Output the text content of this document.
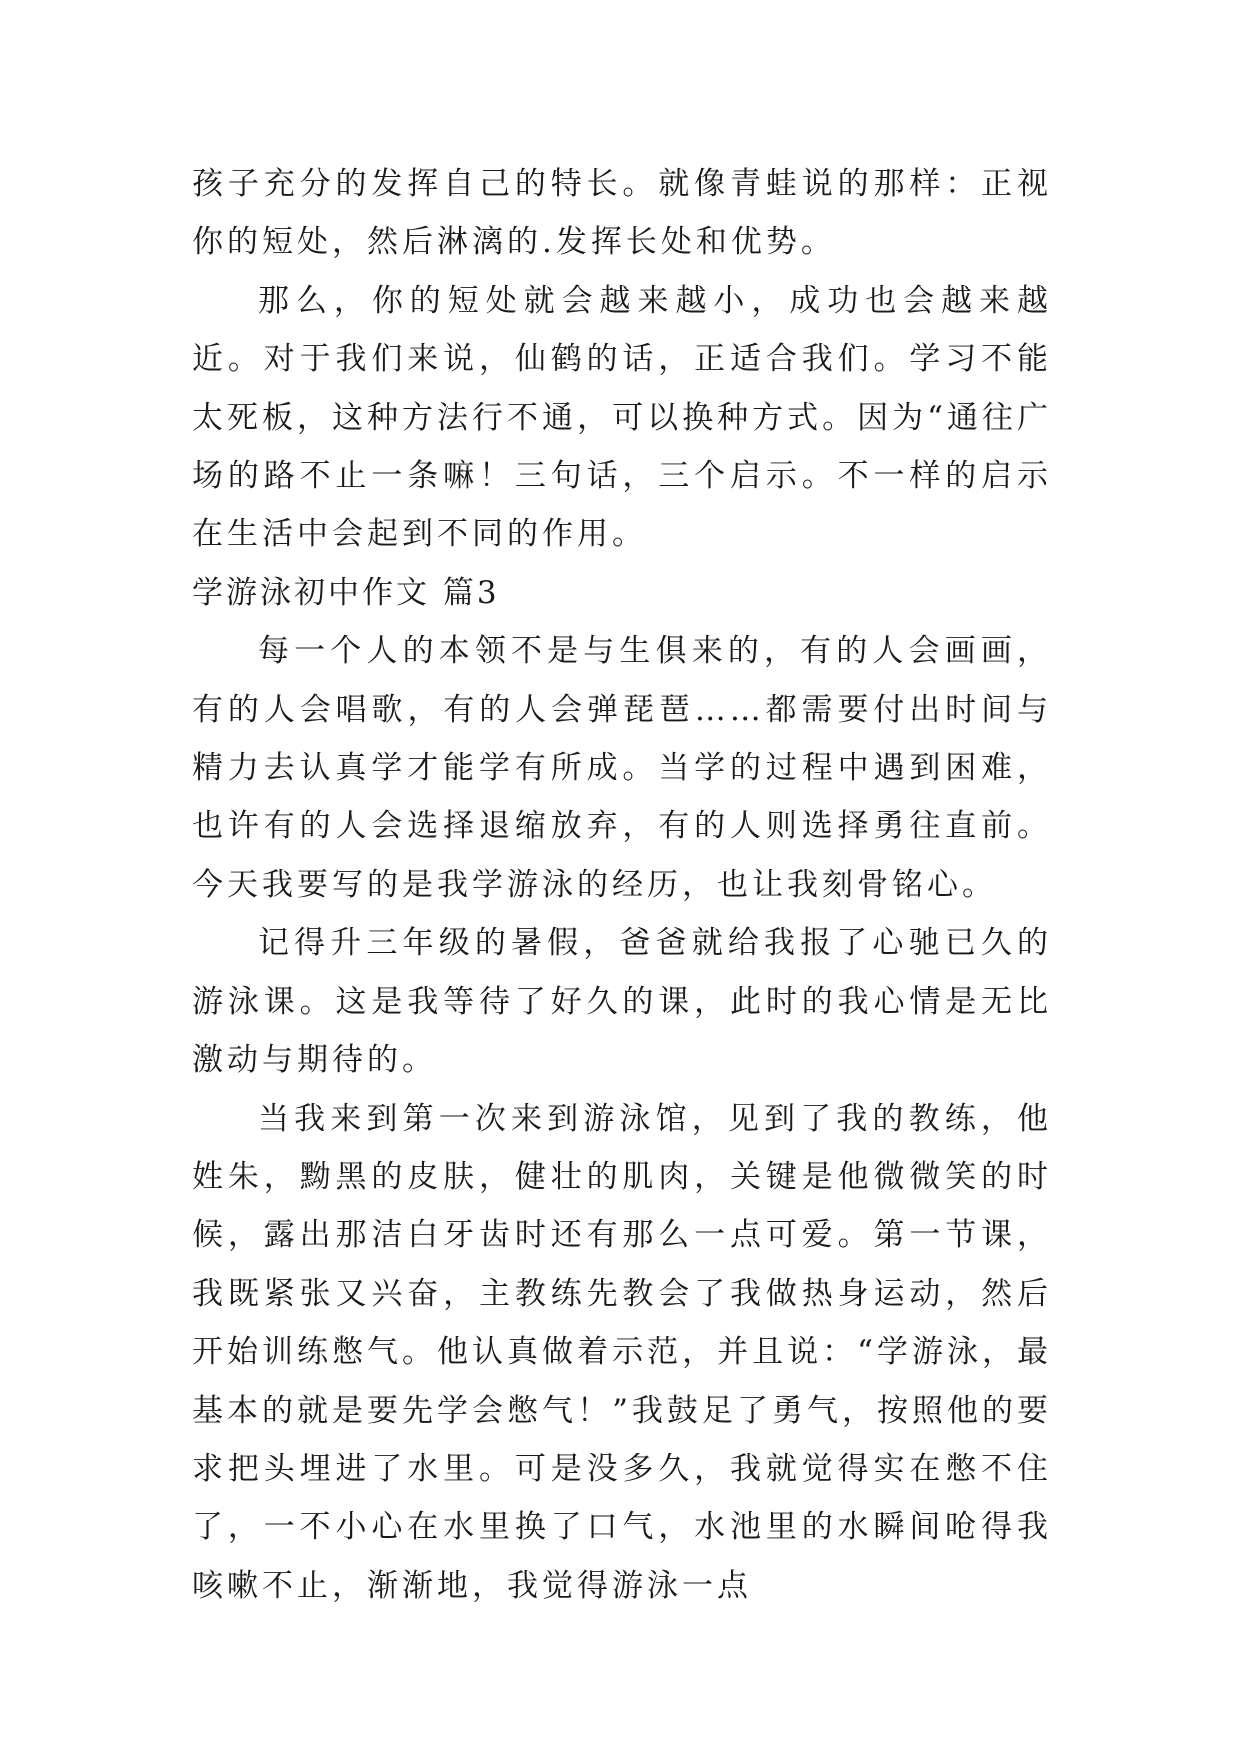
孩子充分的发挥自己的特长。就像青蛙说的那样：正视你的短处，然后淋漓的.发挥长处和优势。

那么，你的短处就会越来越小，成功也会越来越近。对于我们来说，仙鹤的话，正适合我们。学习不能太死板，这种方法行不通，可以换种方式。因为“通往广场的路不止一条嘛！三句话，三个启示。不一样的启示在生活中会起到不同的作用。

学游泳初中作文 篇3

每一个人的本领不是与生俱来的，有的人会画画，有的人会唱歌，有的人会弹琵琶……都需要付出时间与精力去认真学才能学有所成。当学的过程中遇到困难，也许有的人会选择退缩放弃，有的人则选择勇往直前。今天我要写的是我学游泳的经历，也让我刻骨铭心。

记得升三年级的暑假，爸爸就给我报了心驰已久的游泳课。这是我等待了好久的课，此时的我心情是无比激动与期待的。

当我来到第一次来到游泳馆，见到了我的教练，他姓朱，黝黑的皮肤，健壮的肌肉，关键是他微微笑的时候，露出那洁白牙齿时还有那么一点可爱。第一节课，我既紧张又兴奋，主教练先教会了我做热身运动，然后开始训练憋气。他认真做着示范，并且说：“学游泳，最基本的就是要先学会憋气！”我鼓足了勇气，按照他的要求把头埋进了水里。可是没多久，我就觉得实在憋不住了，一不小心在水里换了口气，水池里的水瞬间呛得我咳嗽不止，渐渐地，我觉得游泳一点
